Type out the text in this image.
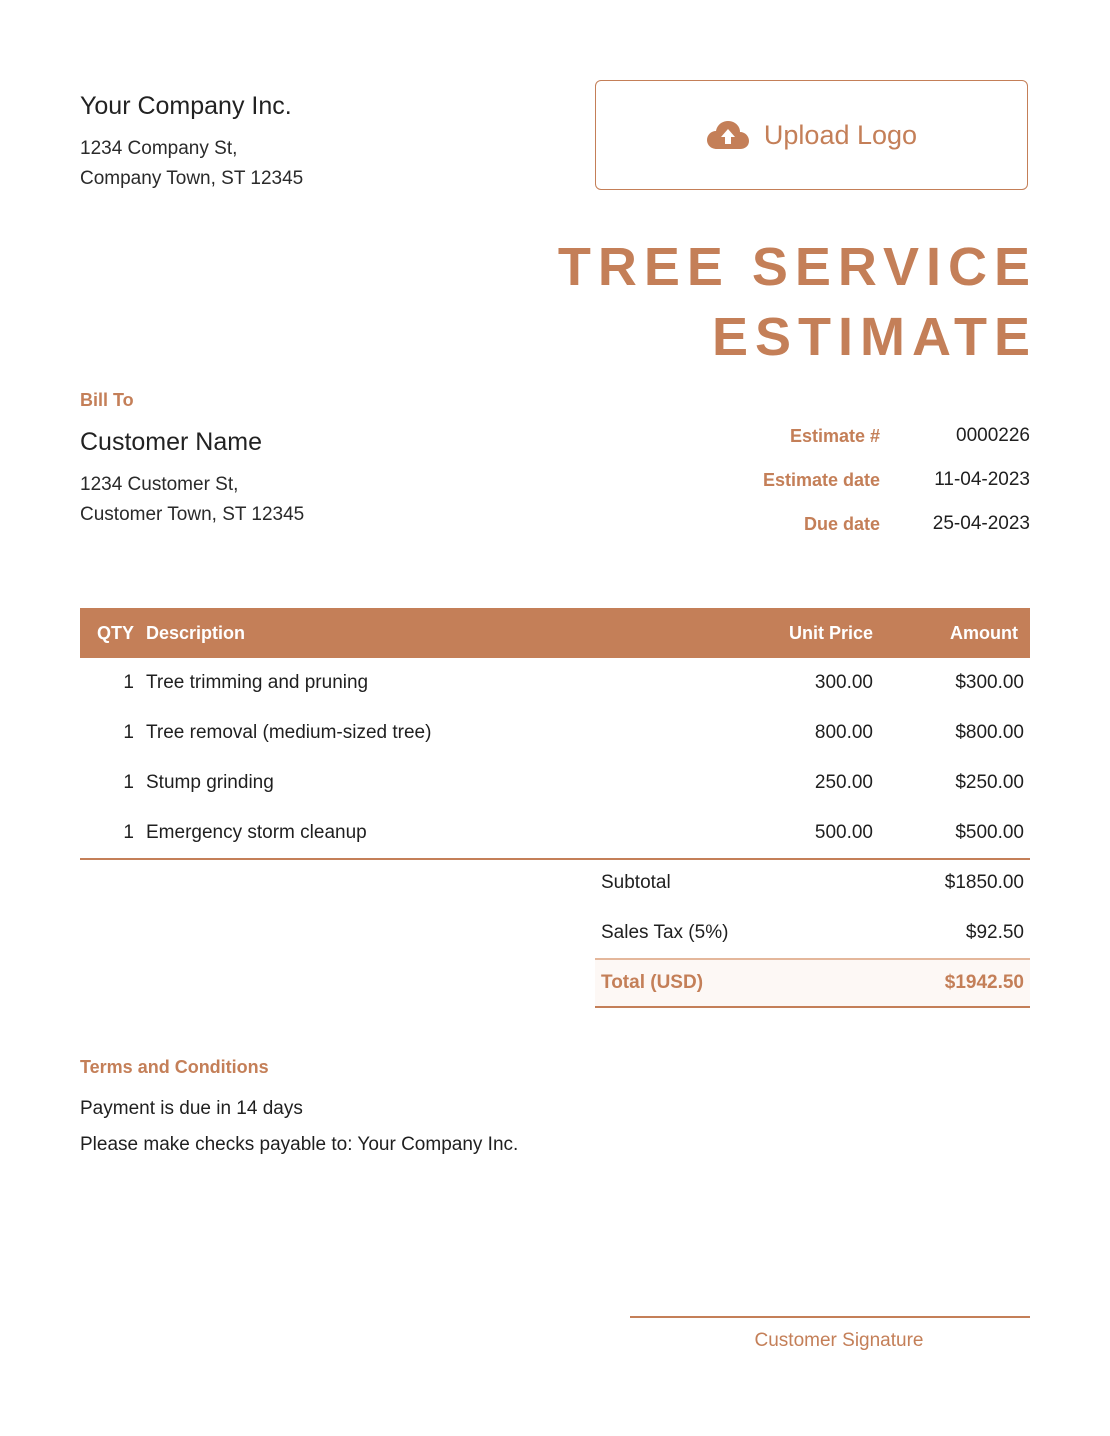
Your Company Inc.
1234 Company St,
Company Town, ST 12345
Upload Logo
TREE SERVICE
ESTIMATE
Bill To
Customer Name
1234 Customer St,
Customer Town, ST 12345
Estimate #	0000226
Estimate date	11-04-2023
Due date	25-04-2023
QTY	Description	Unit Price	Amount
1	Tree trimming and pruning	300.00	$300.00
1	Tree removal (medium-sized tree)	800.00	$800.00
1	Stump grinding	250.00	$250.00
1	Emergency storm cleanup	500.00	$500.00
Subtotal	$1850.00
Sales Tax (5%)	$92.50
Total (USD)	$1942.50
Terms and Conditions
Payment is due in 14 days
Please make checks payable to: Your Company Inc.
Customer Signature
